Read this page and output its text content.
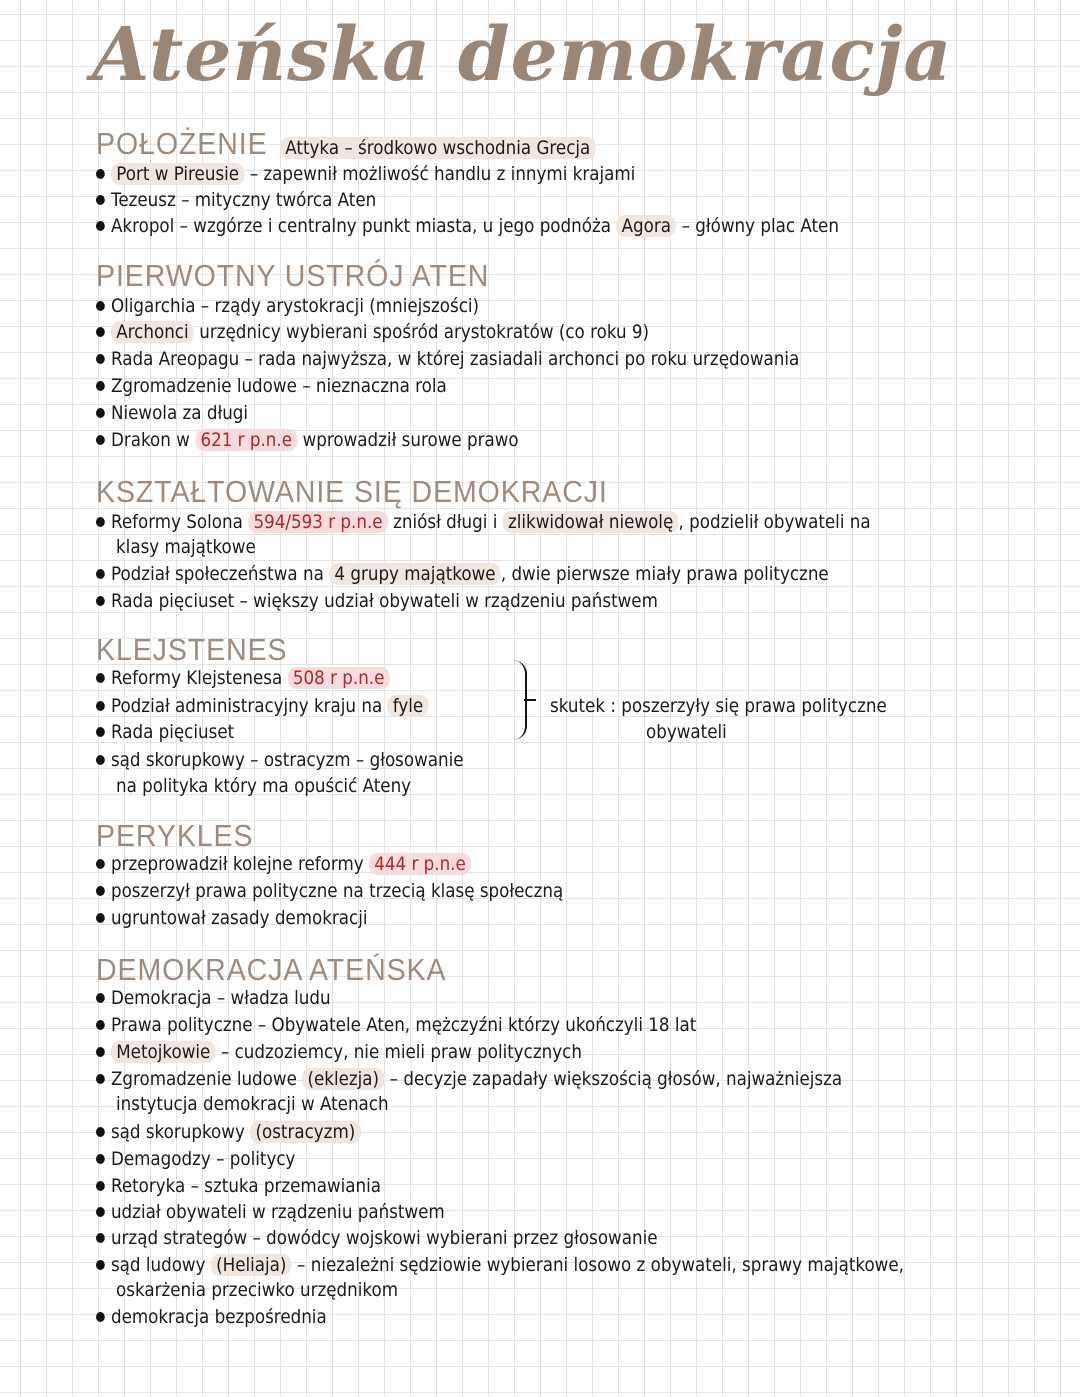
Ateńska demokracja
POŁOŻENIE Attyka – środkowo wschodnia Grecja

Port w Pireusie – zapewnił możliwość handlu z innymi krajami

Tezeusz – mityczny twórca Aten

Akropol – wzgórze i centralny punkt miasta, u jego podnóża Agora – główny plac Aten

PIERWOTNY USTRÓJ ATEN

Oligarchia – rządy arystokracji (mniejszości)

Archonci urzędnicy wybierani spośród arystokratów (co roku 9)

Rada Areopagu – rada najwyższa, w której zasiadali archonci po roku urzędowania

Zgromadzenie ludowe – nieznaczna rola

Niewola za długi

Drakon w 621 r p.n.e wprowadził surowe prawo

KSZTAŁTOWANIE SIĘ DEMOKRACJI

Reformy Solona 594/593 r p.n.e zniósł długi i zlikwidował niewolę , podzielił obywateli na

klasy majątkowe

Podział społeczeństwa na 4 grupy majątkowe , dwie pierwsze miały prawa polityczne

Rada pięciuset – większy udział obywateli w rządzeniu państwem

KLEJSTENES

Reformy Klejstenesa 508 r p.n.e

Podział administracyjny kraju na fyle

Rada pięciuset

sąd skorupkowy – ostracyzm – głosowanie

na polityka który ma opuścić Ateny

skutek : poszerzyły się prawa polityczne

obywateli

PERYKLES

przeprowadził kolejne reformy 444 r p.n.e

poszerzył prawa polityczne na trzecią klasę społeczną

ugruntował zasady demokracji

DEMOKRACJA ATEŃSKA

Demokracja – władza ludu

Prawa polityczne – Obywatele Aten, mężczyźni którzy ukończyli 18 lat

Metojkowie – cudzoziemcy, nie mieli praw politycznych

Zgromadzenie ludowe (eklezja) – decyzje zapadały większością głosów, najważniejsza

instytucja demokracji w Atenach

sąd skorupkowy (ostracyzm)

Demagodzy – politycy

Retoryka – sztuka przemawiania

udział obywateli w rządzeniu państwem

urząd strategów – dowódcy wojskowi wybierani przez głosowanie

sąd ludowy (Heliaja) – niezależni sędziowie wybierani losowo z obywateli, sprawy majątkowe,

oskarżenia przeciwko urzędnikom

demokracja bezpośrednia
